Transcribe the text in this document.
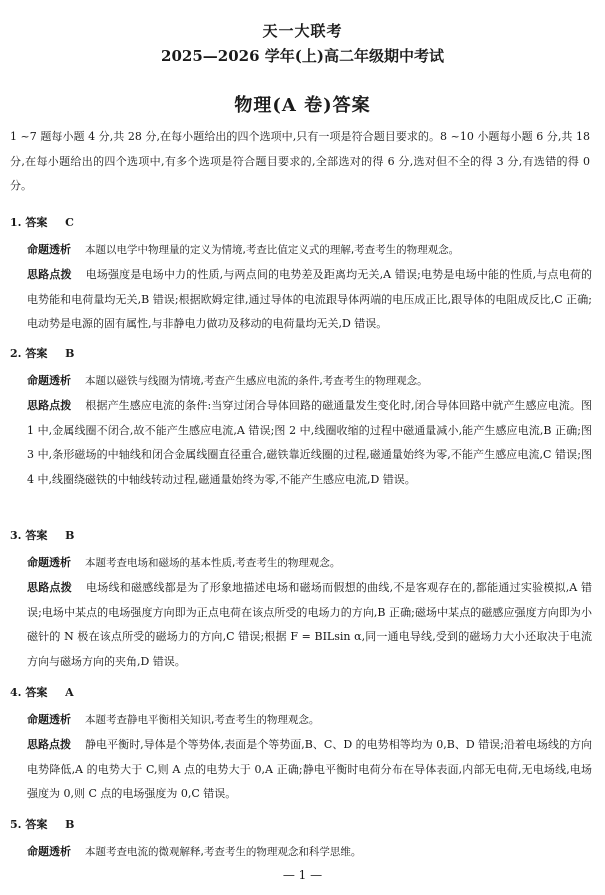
天一大联考
2025—2026 学年(上)高二年级期中考试
物理(A 卷)答案
1 ~7 题每小题 4 分,共 28 分,在每小题给出的四个选项中,只有一项是符合题目要求的。8 ~10 小题每小题 6 分,共 18 分,在每小题给出的四个选项中,有多个选项是符合题目要求的,全部选对的得 6 分,选对但不全的得 3 分,有选错的得 0 分。
1. 答案 C
命题透析 本题以电学中物理量的定义为情境,考查比值定义式的理解,考查考生的物理观念。
思路点拨 电场强度是电场中力的性质,与两点间的电势差及距离均无关,A 错误;电势是电场中能的性质,与点电荷的电势能和电荷量均无关,B 错误;根据欧姆定律,通过导体的电流跟导体两端的电压成正比,跟导体的电阻成反比,C 正确;电动势是电源的固有属性,与非静电力做功及移动的电荷量均无关,D 错误。
2. 答案 B
命题透析 本题以磁铁与线圈为情境,考查产生感应电流的条件,考查考生的物理观念。
思路点拨 根据产生感应电流的条件:当穿过闭合导体回路的磁通量发生变化时,闭合导体回路中就产生感应电流。图 1 中,金属线圈不闭合,故不能产生感应电流,A 错误;图 2 中,线圈收缩的过程中磁通量减小,能产生感应电流,B 正确;图 3 中,条形磁场的中轴线和闭合金属线圈直径重合,磁铁靠近线圈的过程,磁通量始终为零,不能产生感应电流,C 错误;图 4 中,线圈绕磁铁的中轴线转动过程,磁通量始终为零,不能产生感应电流,D 错误。
3. 答案 B
命题透析 本题考查电场和磁场的基本性质,考查考生的物理观念。
思路点拨 电场线和磁感线都是为了形象地描述电场和磁场而假想的曲线,不是客观存在的,都能通过实验模拟,A 错误;电场中某点的电场强度方向即为正点电荷在该点所受的电场力的方向,B 正确;磁场中某点的磁感应强度方向即为小磁针的 N 极在该点所受的磁场力的方向,C 错误;根据 F = BILsin α,同一通电导线,受到的磁场力大小还取决于电流方向与磁场方向的夹角,D 错误。
4. 答案 A
命题透析 本题考查静电平衡相关知识,考查考生的物理观念。
思路点拨 静电平衡时,导体是个等势体,表面是个等势面,B、C、D 的电势相等均为 0,B、D 错误;沿着电场线的方向电势降低,A 的电势大于 C,则 A 点的电势大于 0,A 正确;静电平衡时电荷分布在导体表面,内部无电荷,无电场线,电场强度为 0,则 C 点的电场强度为 0,C 错误。
5. 答案 B
命题透析 本题考查电流的微观解释,考查考生的物理观念和科学思维。
— 1 —
